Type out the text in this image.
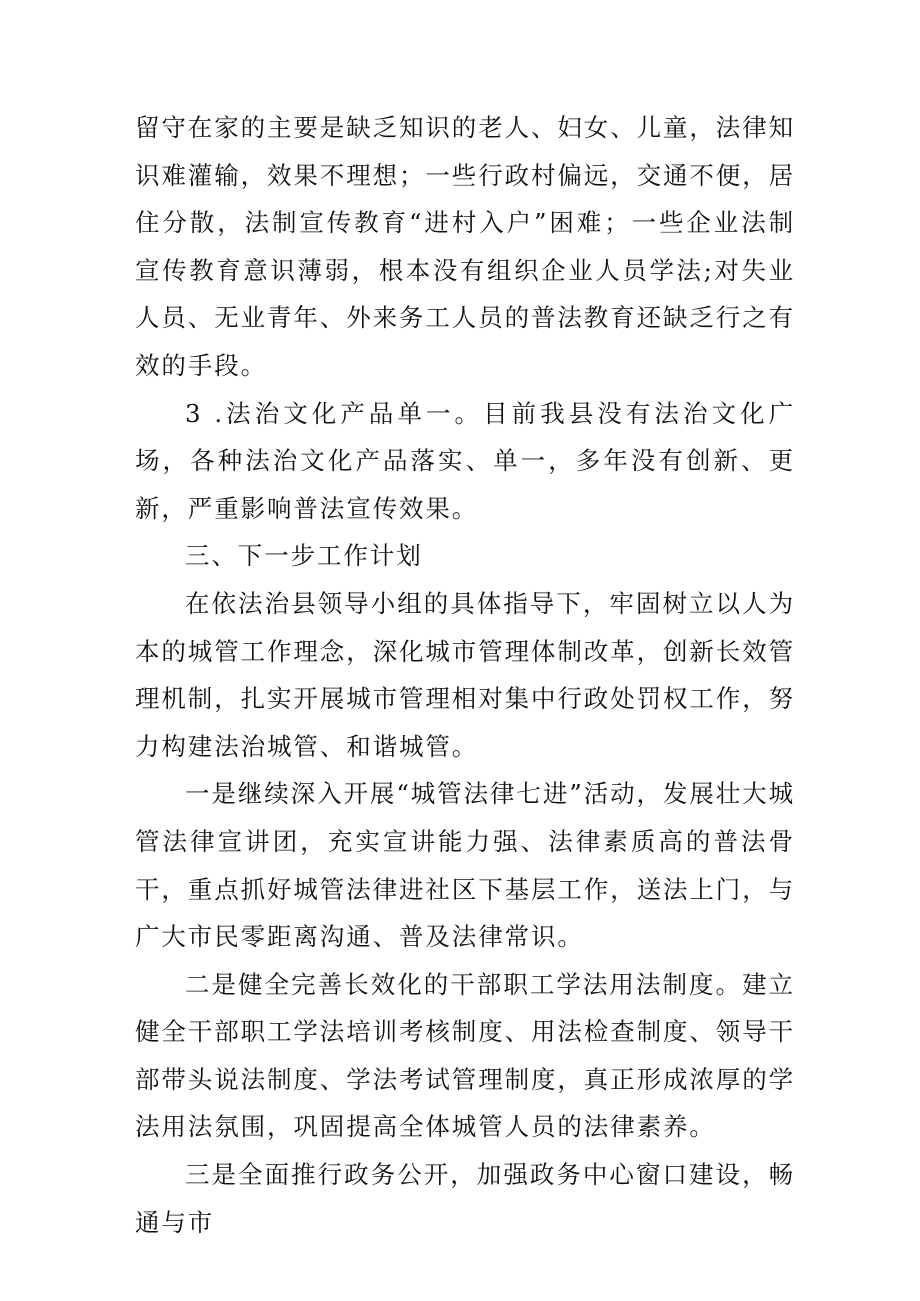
留守在家的主要是缺乏知识的老人、妇女、儿童，法律知识难灌输，效果不理想；一些行政村偏远，交通不便，居住分散，法制宣传教育“进村入户”困难；一些企业法制宣传教育意识薄弱，根本没有组织企业人员学法;对失业人员、无业青年、外来务工人员的普法教育还缺乏行之有效的手段。
3 .法治文化产品单一。目前我县没有法治文化广场，各种法治文化产品落实、单一，多年没有创新、更新，严重影响普法宣传效果。
三、下一步工作计划
在依法治县领导小组的具体指导下，牢固树立以人为本的城管工作理念，深化城市管理体制改革，创新长效管理机制，扎实开展城市管理相对集中行政处罚权工作，努力构建法治城管、和谐城管。
一是继续深入开展“城管法律七进”活动，发展壮大城管法律宣讲团，充实宣讲能力强、法律素质高的普法骨干，重点抓好城管法律进社区下基层工作，送法上门，与广大市民零距离沟通、普及法律常识。
二是健全完善长效化的干部职工学法用法制度。建立健全干部职工学法培训考核制度、用法检查制度、领导干部带头说法制度、学法考试管理制度，真正形成浓厚的学法用法氛围，巩固提高全体城管人员的法律素养。
三是全面推行政务公开，加强政务中心窗口建设，畅通与市
